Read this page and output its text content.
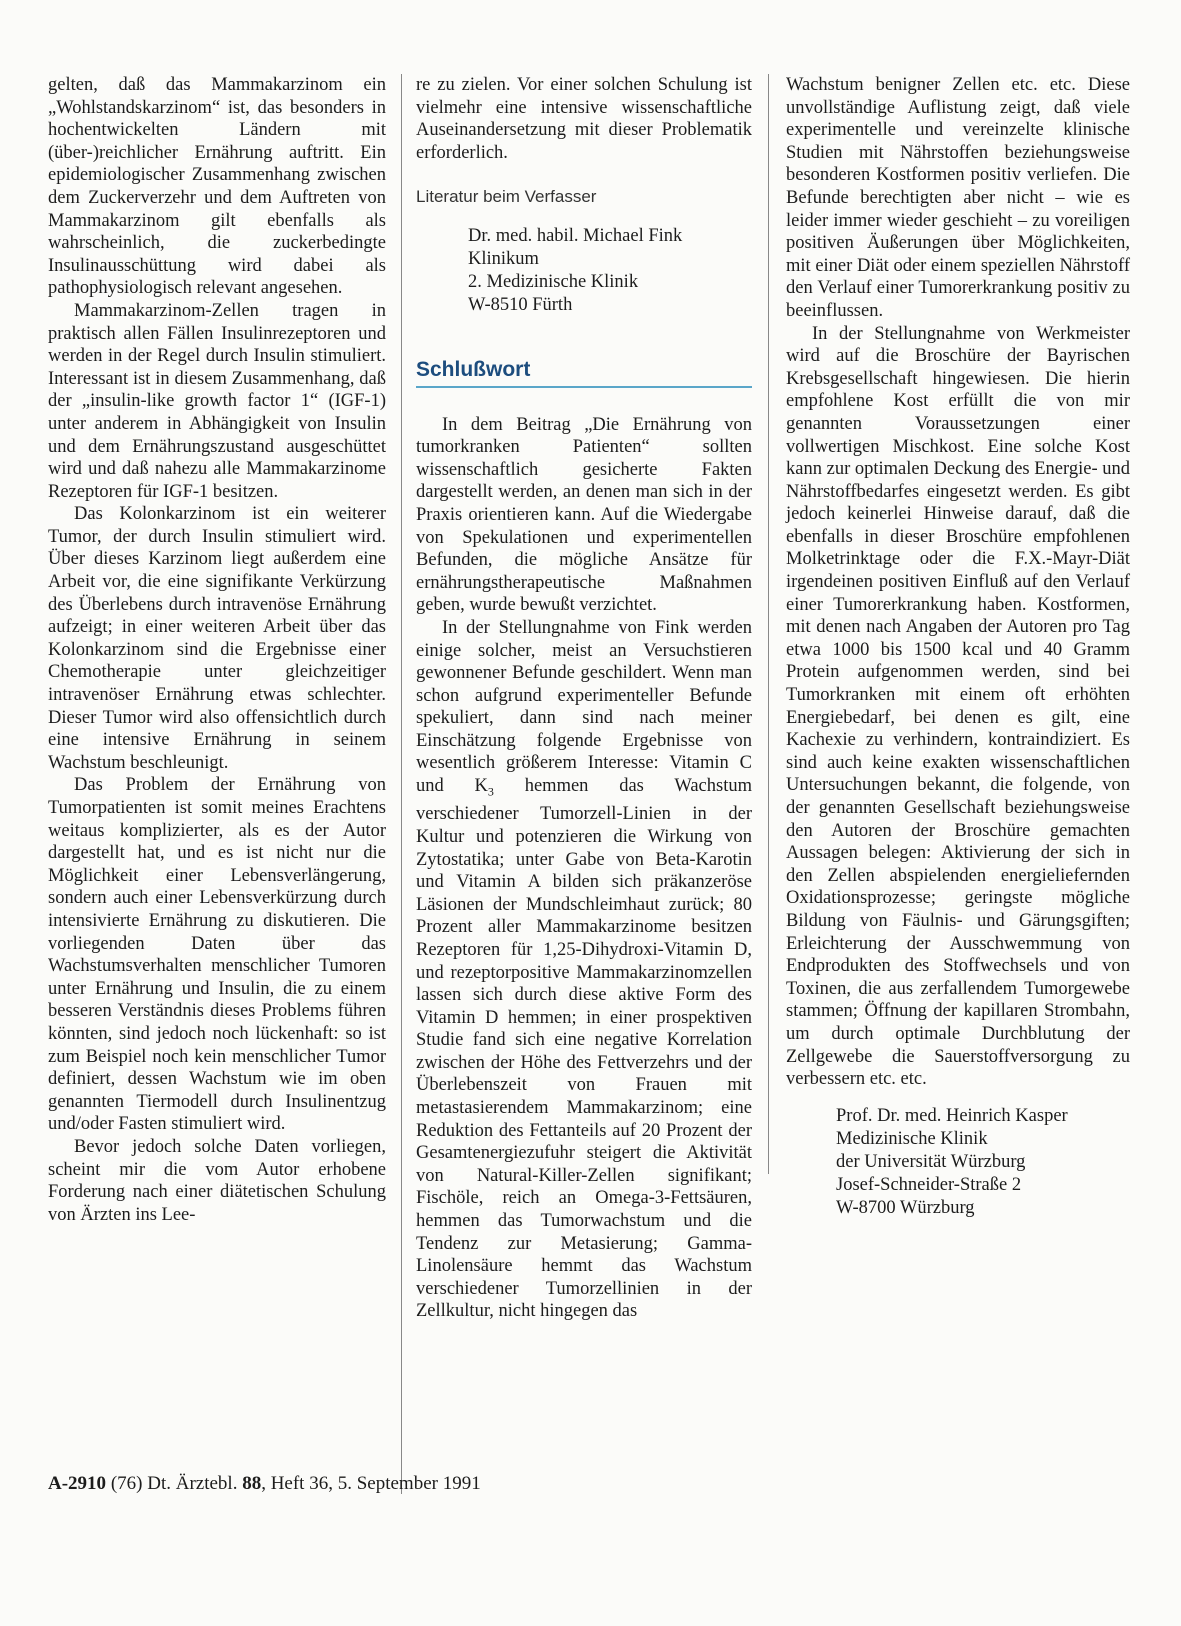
gelten, daß das Mammakarzinom ein „Wohlstandskarzinom“ ist, das besonders in hochentwickelten Ländern mit (über-)reichlicher Ernährung auftritt. Ein epidemiologischer Zusammenhang zwischen dem Zuckerverzehr und dem Auftreten von Mammakarzinom gilt ebenfalls als wahrscheinlich, die zuckerbedingte Insulinausschüttung wird dabei als pathophysiologisch relevant angesehen.

Mammakarzinom-Zellen tragen in praktisch allen Fällen Insulinrezeptoren und werden in der Regel durch Insulin stimuliert. Interessant ist in diesem Zusammenhang, daß der „insulin-like growth factor 1“ (IGF-1) unter anderem in Abhängigkeit von Insulin und dem Ernährungszustand ausgeschüttet wird und daß nahezu alle Mammakarzinome Rezeptoren für IGF-1 besitzen.

Das Kolonkarzinom ist ein weiterer Tumor, der durch Insulin stimuliert wird. Über dieses Karzinom liegt außerdem eine Arbeit vor, die eine signifikante Verkürzung des Überlebens durch intravenöse Ernährung aufzeigt; in einer weiteren Arbeit über das Kolonkarzinom sind die Ergebnisse einer Chemotherapie unter gleichzeitiger intravenöser Ernährung etwas schlechter. Dieser Tumor wird also offensichtlich durch eine intensive Ernährung in seinem Wachstum beschleunigt.

Das Problem der Ernährung von Tumorpatienten ist somit meines Erachtens weitaus komplizierter, als es der Autor dargestellt hat, und es ist nicht nur die Möglichkeit einer Lebensverlängerung, sondern auch einer Lebensverkürzung durch intensivierte Ernährung zu diskutieren. Die vorliegenden Daten über das Wachstumsverhalten menschlicher Tumoren unter Ernährung und Insulin, die zu einem besseren Verständnis dieses Problems führen könnten, sind jedoch noch lückenhaft: so ist zum Beispiel noch kein menschlicher Tumor definiert, dessen Wachstum wie im oben genannten Tiermodell durch Insulinentzug und/oder Fasten stimuliert wird.

Bevor jedoch solche Daten vorliegen, scheint mir die vom Autor erhobene Forderung nach einer diätetischen Schulung von Ärzten ins Lee-

re zu zielen. Vor einer solchen Schulung ist vielmehr eine intensive wissenschaftliche Auseinandersetzung mit dieser Problematik erforderlich.

Literatur beim Verfasser
Dr. med. habil. Michael Fink
Klinikum
2. Medizinische Klinik
W-8510 Fürth
Schlußwort

In dem Beitrag „Die Ernährung von tumorkranken Patienten“ sollten wissenschaftlich gesicherte Fakten dargestellt werden, an denen man sich in der Praxis orientieren kann. Auf die Wiedergabe von Spekulationen und experimentellen Befunden, die mögliche Ansätze für ernährungstherapeutische Maßnahmen geben, wurde bewußt verzichtet.

In der Stellungnahme von Fink werden einige solcher, meist an Versuchstieren gewonnener Befunde geschildert. Wenn man schon aufgrund experimenteller Befunde spekuliert, dann sind nach meiner Einschätzung folgende Ergebnisse von wesentlich größerem Interesse: Vitamin C und $K_3$ hemmen das Wachstum verschiedener Tumorzell-Linien in der Kultur und potenzieren die Wirkung von Zytostatika; unter Gabe von Beta-Karotin und Vitamin A bilden sich präkanzeröse Läsionen der Mundschleimhaut zurück; 80 Prozent aller Mammakarzinome besitzen Rezeptoren für 1,25-Dihydroxi-Vitamin D, und rezeptorpositive Mammakarzinomzellen lassen sich durch diese aktive Form des Vitamin D hemmen; in einer prospektiven Studie fand sich eine negative Korrelation zwischen der Höhe des Fettverzehrs und der Überlebenszeit von Frauen mit metastasierendem Mammakarzinom; eine Reduktion des Fettanteils auf 20 Prozent der Gesamtenergiezufuhr steigert die Aktivität von Natural-Killer-Zellen signifikant; Fischöle, reich an Omega-3-Fettsäuren, hemmen das Tumorwachstum und die Tendenz zur Metasierung; Gamma-Linolensäure hemmt das Wachstum verschiedener Tumorzellinien in der Zellkultur, nicht hingegen das

Wachstum benigner Zellen etc. etc. Diese unvollständige Auflistung zeigt, daß viele experimentelle und vereinzelte klinische Studien mit Nährstoffen beziehungsweise besonderen Kostformen positiv verliefen. Die Befunde berechtigten aber nicht – wie es leider immer wieder geschieht – zu voreiligen positiven Äußerungen über Möglichkeiten, mit einer Diät oder einem speziellen Nährstoff den Verlauf einer Tumorerkrankung positiv zu beeinflussen.

In der Stellungnahme von Werkmeister wird auf die Broschüre der Bayrischen Krebsgesellschaft hingewiesen. Die hierin empfohlene Kost erfüllt die von mir genannten Voraussetzungen einer vollwertigen Mischkost. Eine solche Kost kann zur optimalen Deckung des Energie- und Nährstoffbedarfes eingesetzt werden. Es gibt jedoch keinerlei Hinweise darauf, daß die ebenfalls in dieser Broschüre empfohlenen Molketrinktage oder die F.X.-Mayr-Diät irgendeinen positiven Einfluß auf den Verlauf einer Tumorerkrankung haben. Kostformen, mit denen nach Angaben der Autoren pro Tag etwa 1000 bis 1500 kcal und 40 Gramm Protein aufgenommen werden, sind bei Tumorkranken mit einem oft erhöhten Energiebedarf, bei denen es gilt, eine Kachexie zu verhindern, kontraindiziert. Es sind auch keine exakten wissenschaftlichen Untersuchungen bekannt, die folgende, von der genannten Gesellschaft beziehungsweise den Autoren der Broschüre gemachten Aussagen belegen: Aktivierung der sich in den Zellen abspielenden energieliefernden Oxidationsprozesse; geringste mögliche Bildung von Fäulnis- und Gärungsgiften; Erleichterung der Ausschwemmung von Endprodukten des Stoffwechsels und von Toxinen, die aus zerfallendem Tumorgewebe stammen; Öffnung der kapillaren Strombahn, um durch optimale Durchblutung der Zellgewebe die Sauerstoffversorgung zu verbessern etc. etc.

Prof. Dr. med. Heinrich Kasper
Medizinische Klinik
der Universität Würzburg
Josef-Schneider-Straße 2
W-8700 Würzburg
A-2910 (76) Dt. Ärztebl. 88, Heft 36, 5. September 1991
